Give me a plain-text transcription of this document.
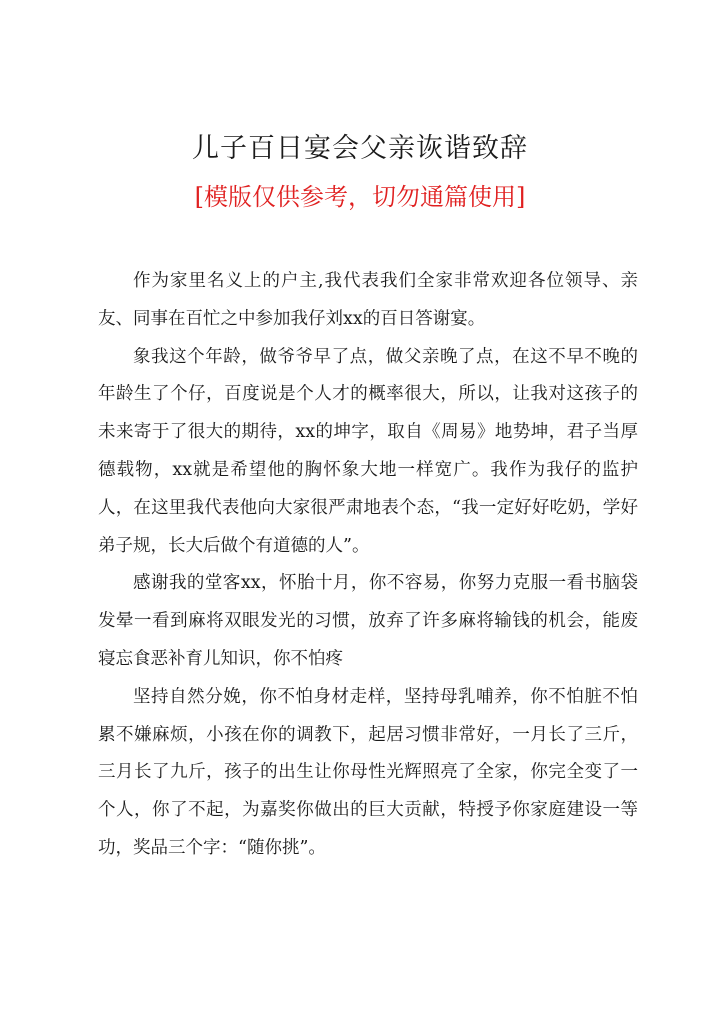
儿子百日宴会父亲诙谐致辞
[模版仅供参考，切勿通篇使用]

作为家里名义上的户主,我代表我们全家非常欢迎各位领导、亲友、同事在百忙之中参加我仔刘xx的百日答谢宴。

象我这个年龄，做爷爷早了点，做父亲晚了点，在这不早不晚的年龄生了个仔，百度说是个人才的概率很大，所以，让我对这孩子的未来寄于了很大的期待，xx的坤字，取自《周易》地势坤，君子当厚德载物，xx就是希望他的胸怀象大地一样宽广。我作为我仔的监护人，在这里我代表他向大家很严肃地表个态，“我一定好好吃奶，学好弟子规，长大后做个有道德的人”。

感谢我的堂客xx，怀胎十月，你不容易，你努力克服一看书脑袋发晕一看到麻将双眼发光的习惯，放弃了许多麻将输钱的机会，能废寝忘食恶补育儿知识，你不怕疼

坚持自然分娩，你不怕身材走样，坚持母乳哺养，你不怕脏不怕累不嫌麻烦，小孩在你的调教下，起居习惯非常好，一月长了三斤，三月长了九斤，孩子的出生让你母性光辉照亮了全家，你完全变了一个人，你了不起，为嘉奖你做出的巨大贡献，特授予你家庭建设一等功，奖品三个字：“随你挑”。
